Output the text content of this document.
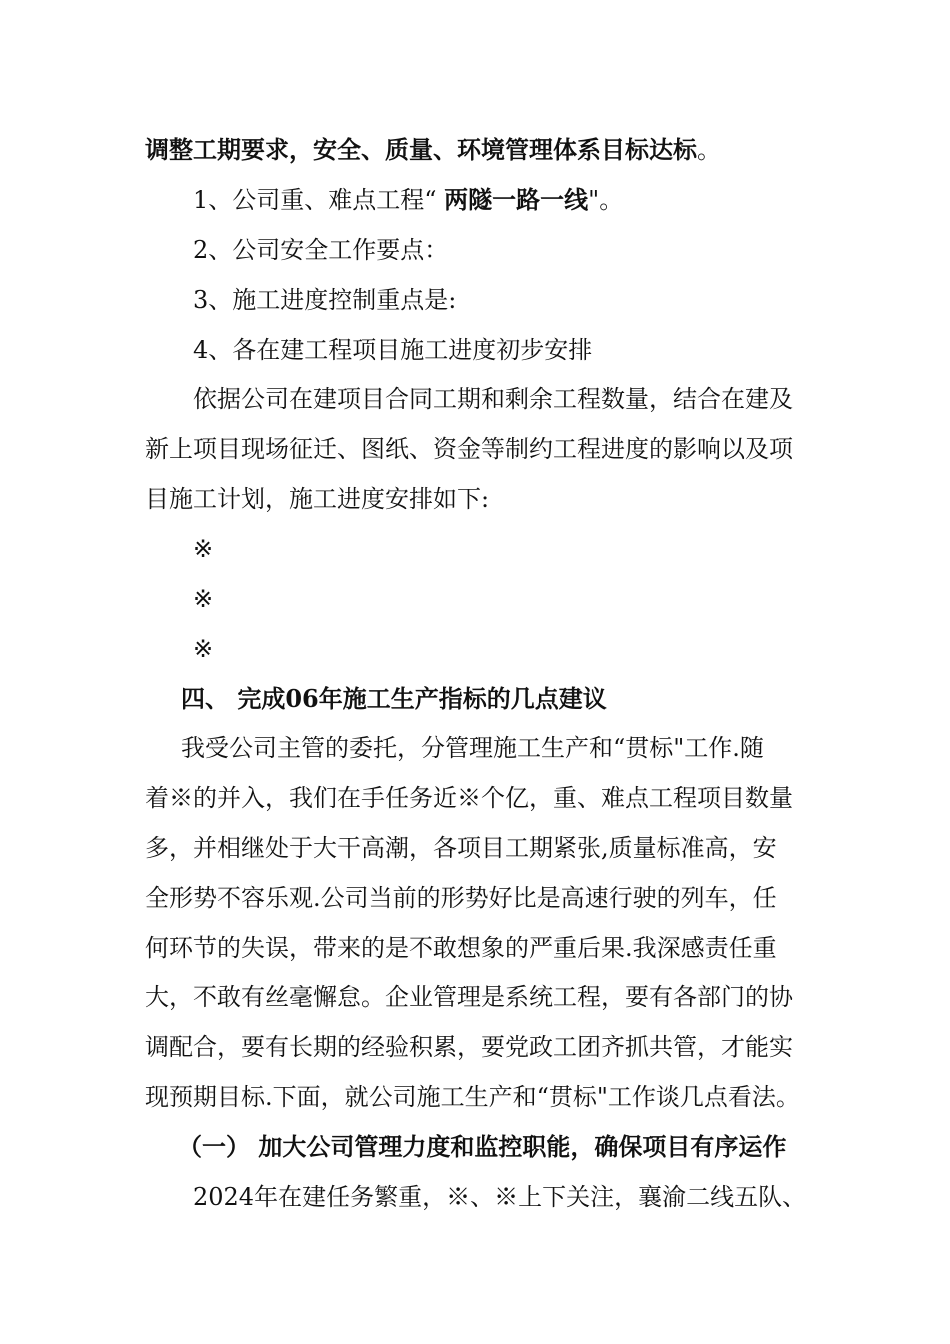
调整工期要求，安全、质量、环境管理体系目标达标。
1、公司重、难点工程“ 两隧一路一线"。
2、公司安全工作要点：
3、施工进度控制重点是:
4、各在建工程项目施工进度初步安排
依据公司在建项目合同工期和剩余工程数量，结合在建及
新上项目现场征迁、图纸、资金等制约工程进度的影响以及项
目施工计划，施工进度安排如下:
※
※
※
四、 完成06年施工生产指标的几点建议
我受公司主管的委托，分管理施工生产和“贯标"工作.随
着※的并入，我们在手任务近※个亿，重、难点工程项目数量
多，并相继处于大干高潮，各项目工期紧张,质量标准高，安
全形势不容乐观.公司当前的形势好比是高速行驶的列车，任
何环节的失误，带来的是不敢想象的严重后果.我深感责任重
大，不敢有丝毫懈怠。企业管理是系统工程，要有各部门的协
调配合，要有长期的经验积累，要党政工团齐抓共管，才能实
现预期目标.下面，就公司施工生产和“贯标"工作谈几点看法。
（一） 加大公司管理力度和监控职能，确保项目有序运作
2024年在建任务繁重，※、※上下关注，襄渝二线五队、
